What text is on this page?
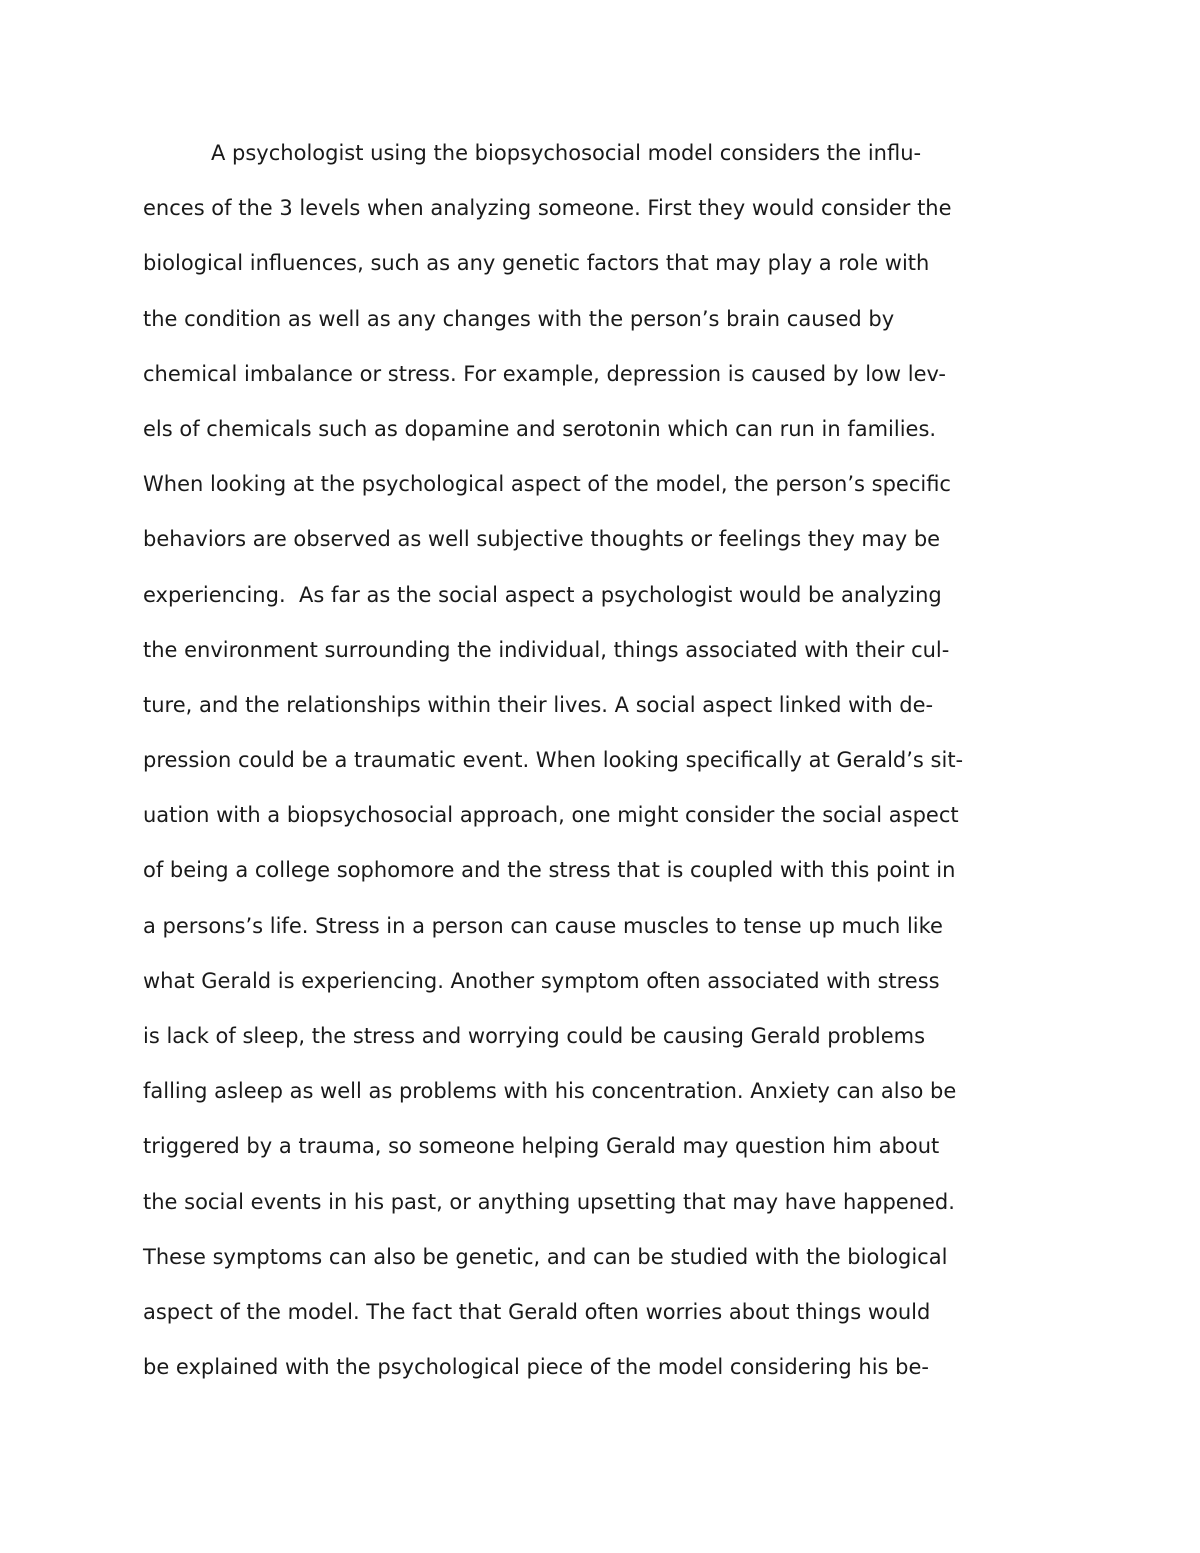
A psychologist using the biopsychosocial model considers the influ-
ences of the 3 levels when analyzing someone. First they would consider the
biological influences, such as any genetic factors that may play a role with
the condition as well as any changes with the person’s brain caused by
chemical imbalance or stress. For example, depression is caused by low lev-
els of chemicals such as dopamine and serotonin which can run in families.
When looking at the psychological aspect of the model, the person’s specific
behaviors are observed as well subjective thoughts or feelings they may be
experiencing.  As far as the social aspect a psychologist would be analyzing
the environment surrounding the individual, things associated with their cul-
ture, and the relationships within their lives. A social aspect linked with de-
pression could be a traumatic event. When looking specifically at Gerald’s sit-
uation with a biopsychosocial approach, one might consider the social aspect
of being a college sophomore and the stress that is coupled with this point in
a persons’s life. Stress in a person can cause muscles to tense up much like
what Gerald is experiencing. Another symptom often associated with stress
is lack of sleep, the stress and worrying could be causing Gerald problems
falling asleep as well as problems with his concentration. Anxiety can also be
triggered by a trauma, so someone helping Gerald may question him about
the social events in his past, or anything upsetting that may have happened.
These symptoms can also be genetic, and can be studied with the biological
aspect of the model. The fact that Gerald often worries about things would
be explained with the psychological piece of the model considering his be-
